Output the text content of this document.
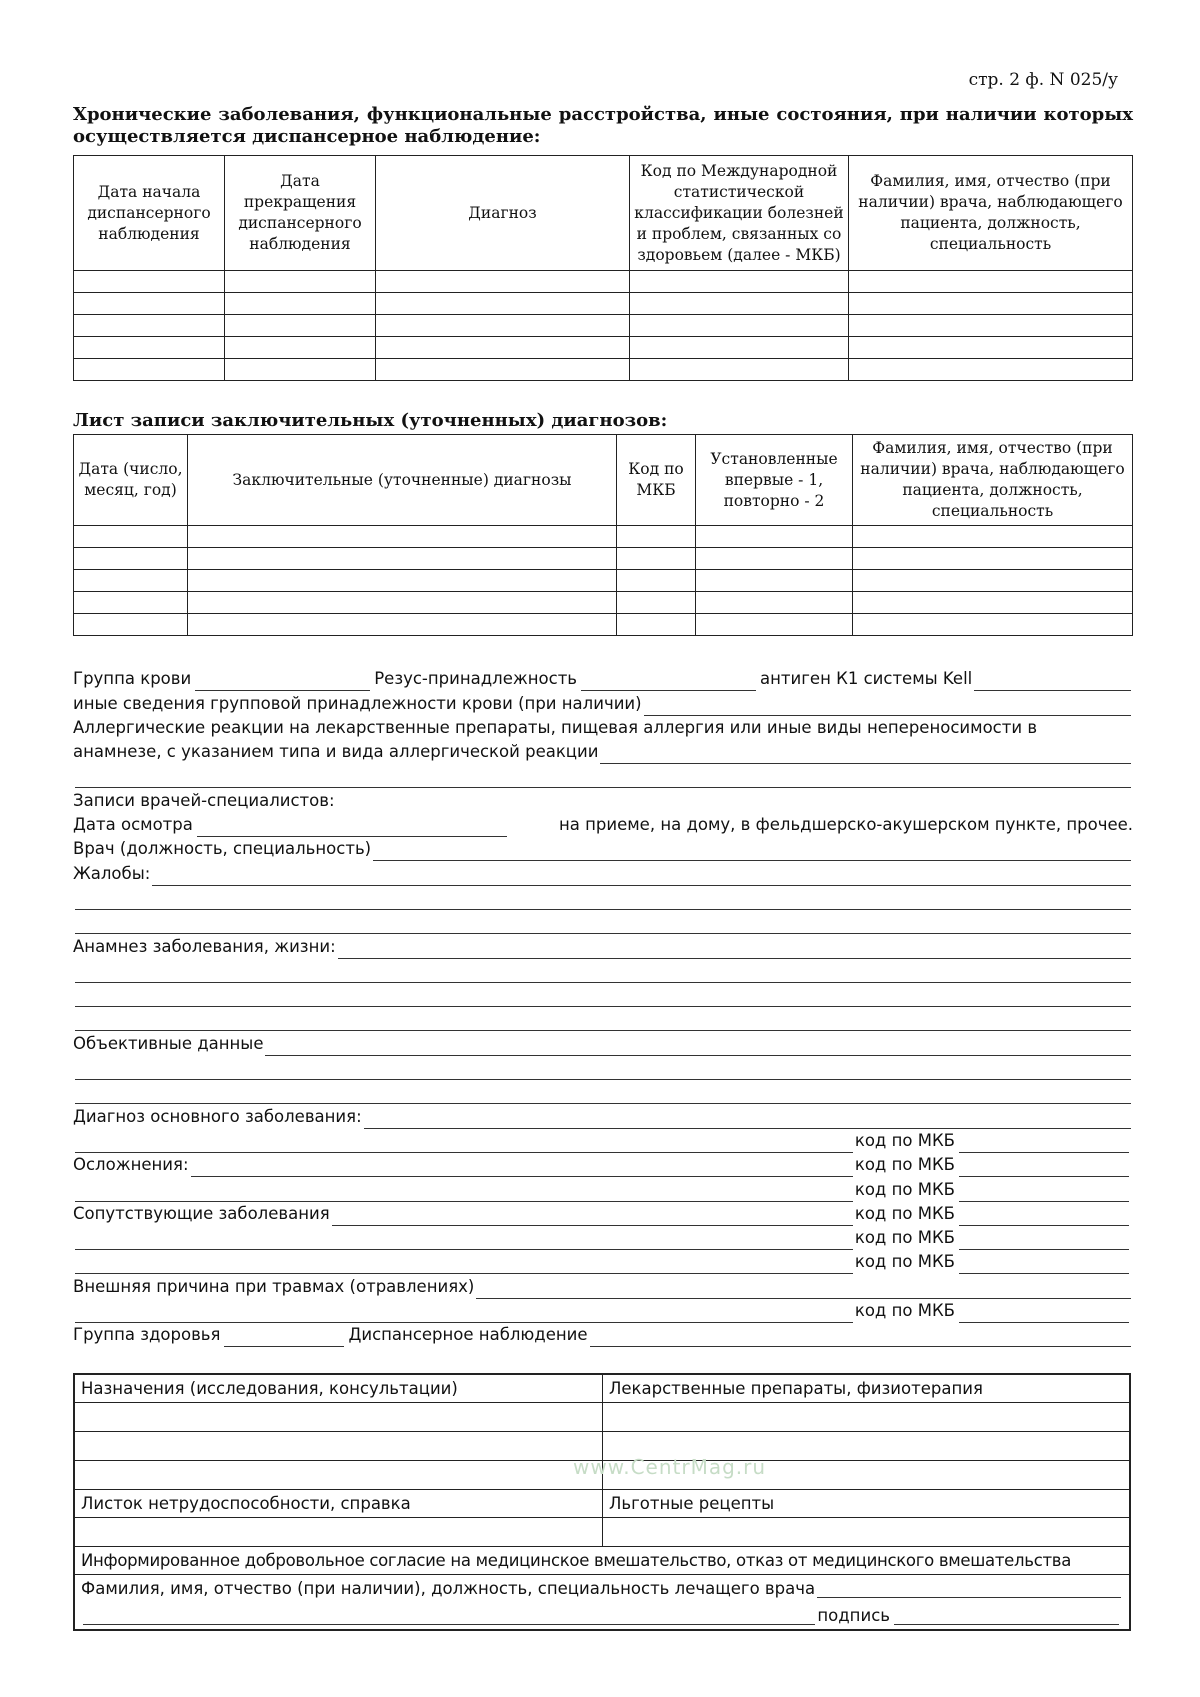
стр. 2 ф. N 025/у
Хронические заболевания, функциональные расстройства, иные состояния, при наличии которых осуществляется диспансерное наблюдение:
Дата начала диспансерного наблюдения	Дата прекращения диспансерного наблюдения	Диагноз	Код по Международной статистической классификации болезней и проблем, связанных со здоровьем (далее - МКБ)	Фамилия, имя, отчество (при наличии) врача, наблюдающего пациента, должность, специальность

Лист записи заключительных (уточненных) диагнозов:
Дата (число, месяц, год)	Заключительные (уточненные) диагнозы	Код по МКБ	Установленные впервые - 1, повторно - 2	Фамилия, имя, отчество (при наличии) врача, наблюдающего пациента, должность, специальность

Группа крови	Резус-принадлежность	антиген К1 системы Kell
иные сведения групповой принадлежности крови (при наличии)
Аллергические реакции на лекарственные препараты, пищевая аллергия или иные виды непереносимости в
анамнезе, с указанием типа и вида аллергической реакции
Записи врачей-специалистов:
Дата осмотра	на приеме, на дому, в фельдшерско-акушерском пункте, прочее.
Врач (должность, специальность)
Жалобы:
Анамнез заболевания, жизни:
Объективные данные
Диагноз основного заболевания:
код по МКБ
Осложнения:	код по МКБ
код по МКБ
Сопутствующие заболевания	код по МКБ
код по МКБ
код по МКБ
Внешняя причина при травмах (отравлениях)
код по МКБ
Группа здоровья	Диспансерное наблюдение
Назначения (исследования, консультации)	Лекарственные препараты, физиотерапия

Листок нетрудоспособности, справка	Льготные рецепты

Информированное добровольное согласие на медицинское вмешательство, отказ от медицинского вмешательства	

Фамилия, имя, отчество (при наличии), должность, специальность лечащего врача	

подпись	
www.CentrMag.ru
